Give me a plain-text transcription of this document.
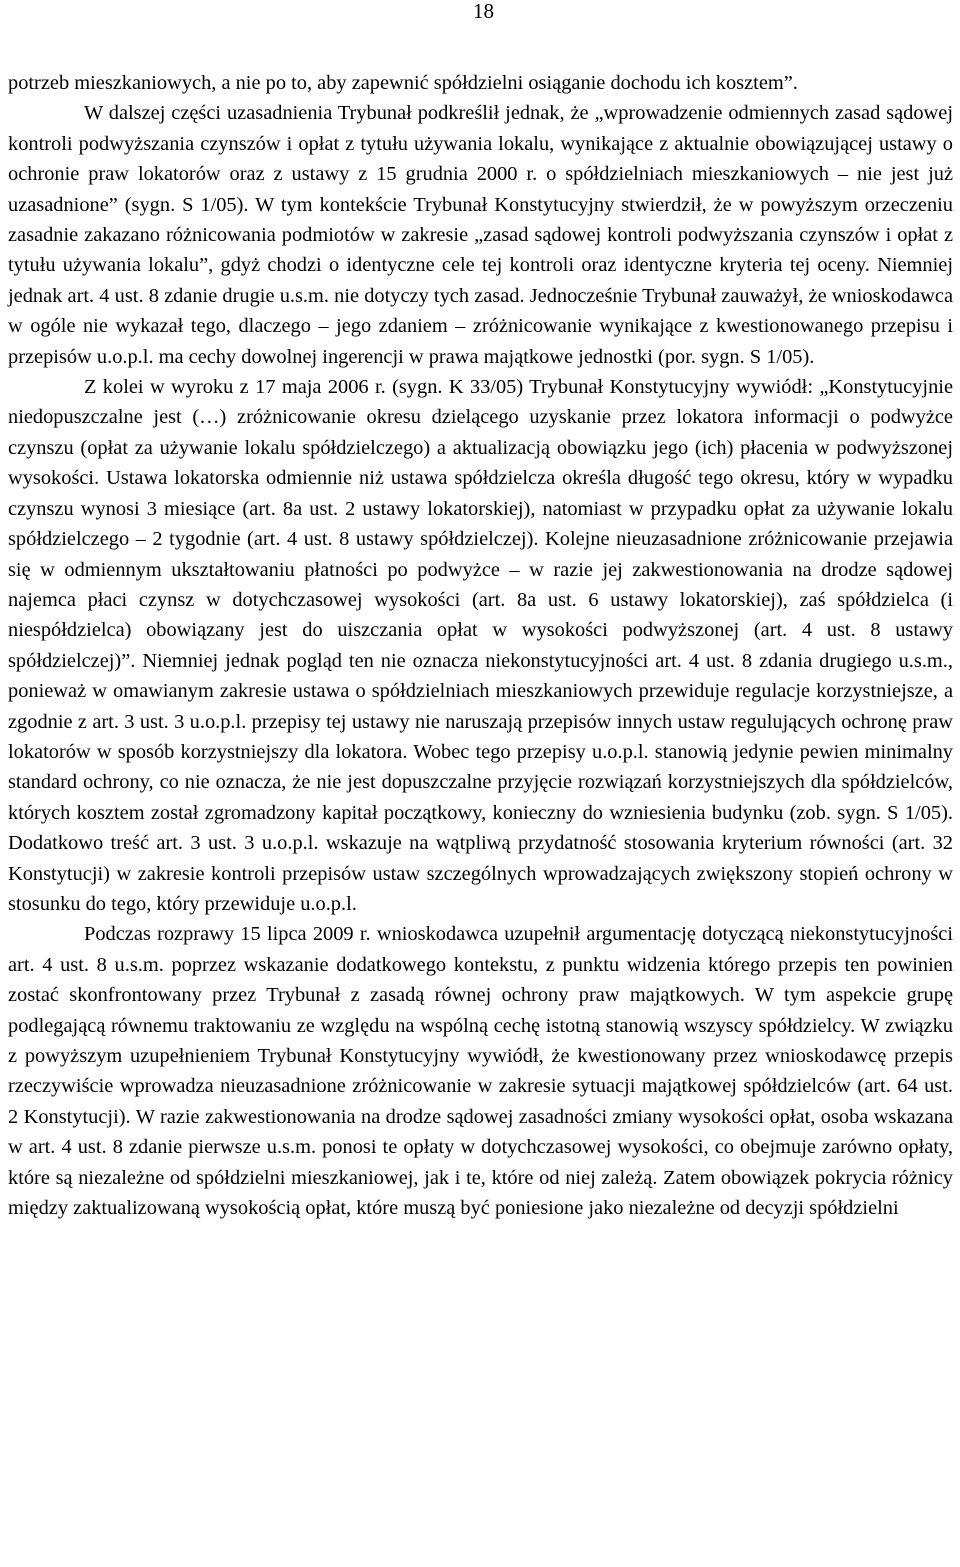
18

potrzeb mieszkaniowych, a nie po to, aby zapewnić spółdzielni osiąganie dochodu ich kosztem”.

W dalszej części uzasadnienia Trybunał podkreślił jednak, że „wprowadzenie odmiennych zasad sądowej kontroli podwyższania czynszów i opłat z tytułu używania lokalu, wynikające z aktualnie obowiązującej ustawy o ochronie praw lokatorów oraz z ustawy z 15 grudnia 2000 r. o spółdzielniach mieszkaniowych – nie jest już uzasadnione” (sygn. S 1/05). W tym kontekście Trybunał Konstytucyjny stwierdził, że w powyższym orzeczeniu zasadnie zakazano różnicowania podmiotów w zakresie „zasad sądowej kontroli podwyższania czynszów i opłat z tytułu używania lokalu”, gdyż chodzi o identyczne cele tej kontroli oraz identyczne kryteria tej oceny. Niemniej jednak art. 4 ust. 8 zdanie drugie u.s.m. nie dotyczy tych zasad. Jednocześnie Trybunał zauważył, że wnioskodawca w ogóle nie wykazał tego, dlaczego – jego zdaniem – zróżnicowanie wynikające z kwestionowanego przepisu i przepisów u.o.p.l. ma cechy dowolnej ingerencji w prawa majątkowe jednostki (por. sygn. S 1/05).

Z kolei w wyroku z 17 maja 2006 r. (sygn. K 33/05) Trybunał Konstytucyjny wywiódł: „Konstytucyjnie niedopuszczalne jest (…) zróżnicowanie okresu dzielącego uzyskanie przez lokatora informacji o podwyżce czynszu (opłat za używanie lokalu spółdzielczego) a aktualizacją obowiązku jego (ich) płacenia w podwyższonej wysokości. Ustawa lokatorska odmiennie niż ustawa spółdzielcza określa długość tego okresu, który w wypadku czynszu wynosi 3 miesiące (art. 8a ust. 2 ustawy lokatorskiej), natomiast w przypadku opłat za używanie lokalu spółdzielczego – 2 tygodnie (art. 4 ust. 8 ustawy spółdzielczej). Kolejne nieuzasadnione zróżnicowanie przejawia się w odmiennym ukształtowaniu płatności po podwyżce – w razie jej zakwestionowania na drodze sądowej najemca płaci czynsz w dotychczasowej wysokości (art. 8a ust. 6 ustawy lokatorskiej), zaś spółdzielca (i niespółdzielca) obowiązany jest do uiszczania opłat w wysokości podwyższonej (art. 4 ust. 8 ustawy spółdzielczej)”. Niemniej jednak pogląd ten nie oznacza niekonstytucyjności art. 4 ust. 8 zdania drugiego u.s.m., ponieważ w omawianym zakresie ustawa o spółdzielniach mieszkaniowych przewiduje regulacje korzystniejsze, a zgodnie z art. 3 ust. 3 u.o.p.l. przepisy tej ustawy nie naruszają przepisów innych ustaw regulujących ochronę praw lokatorów w sposób korzystniejszy dla lokatora. Wobec tego przepisy u.o.p.l. stanowią jedynie pewien minimalny standard ochrony, co nie oznacza, że nie jest dopuszczalne przyjęcie rozwiązań korzystniejszych dla spółdzielców, których kosztem został zgromadzony kapitał początkowy, konieczny do wzniesienia budynku (zob. sygn. S 1/05). Dodatkowo treść art. 3 ust. 3 u.o.p.l. wskazuje na wątpliwą przydatność stosowania kryterium równości (art. 32 Konstytucji) w zakresie kontroli przepisów ustaw szczególnych wprowadzających zwiększony stopień ochrony w stosunku do tego, który przewiduje u.o.p.l.

Podczas rozprawy 15 lipca 2009 r. wnioskodawca uzupełnił argumentację dotyczącą niekonstytucyjności art. 4 ust. 8 u.s.m. poprzez wskazanie dodatkowego kontekstu, z punktu widzenia którego przepis ten powinien zostać skonfrontowany przez Trybunał z zasadą równej ochrony praw majątkowych. W tym aspekcie grupę podlegającą równemu traktowaniu ze względu na wspólną cechę istotną stanowią wszyscy spółdzielcy. W związku z powyższym uzupełnieniem Trybunał Konstytucyjny wywiódł, że kwestionowany przez wnioskodawcę przepis rzeczywiście wprowadza nieuzasadnione zróżnicowanie w zakresie sytuacji majątkowej spółdzielców (art. 64 ust. 2 Konstytucji). W razie zakwestionowania na drodze sądowej zasadności zmiany wysokości opłat, osoba wskazana w art. 4 ust. 8 zdanie pierwsze u.s.m. ponosi te opłaty w dotychczasowej wysokości, co obejmuje zarówno opłaty, które są niezależne od spółdzielni mieszkaniowej, jak i te, które od niej zależą. Zatem obowiązek pokrycia różnicy między zaktualizowaną wysokością opłat, które muszą być poniesione jako niezależne od decyzji spółdzielni
